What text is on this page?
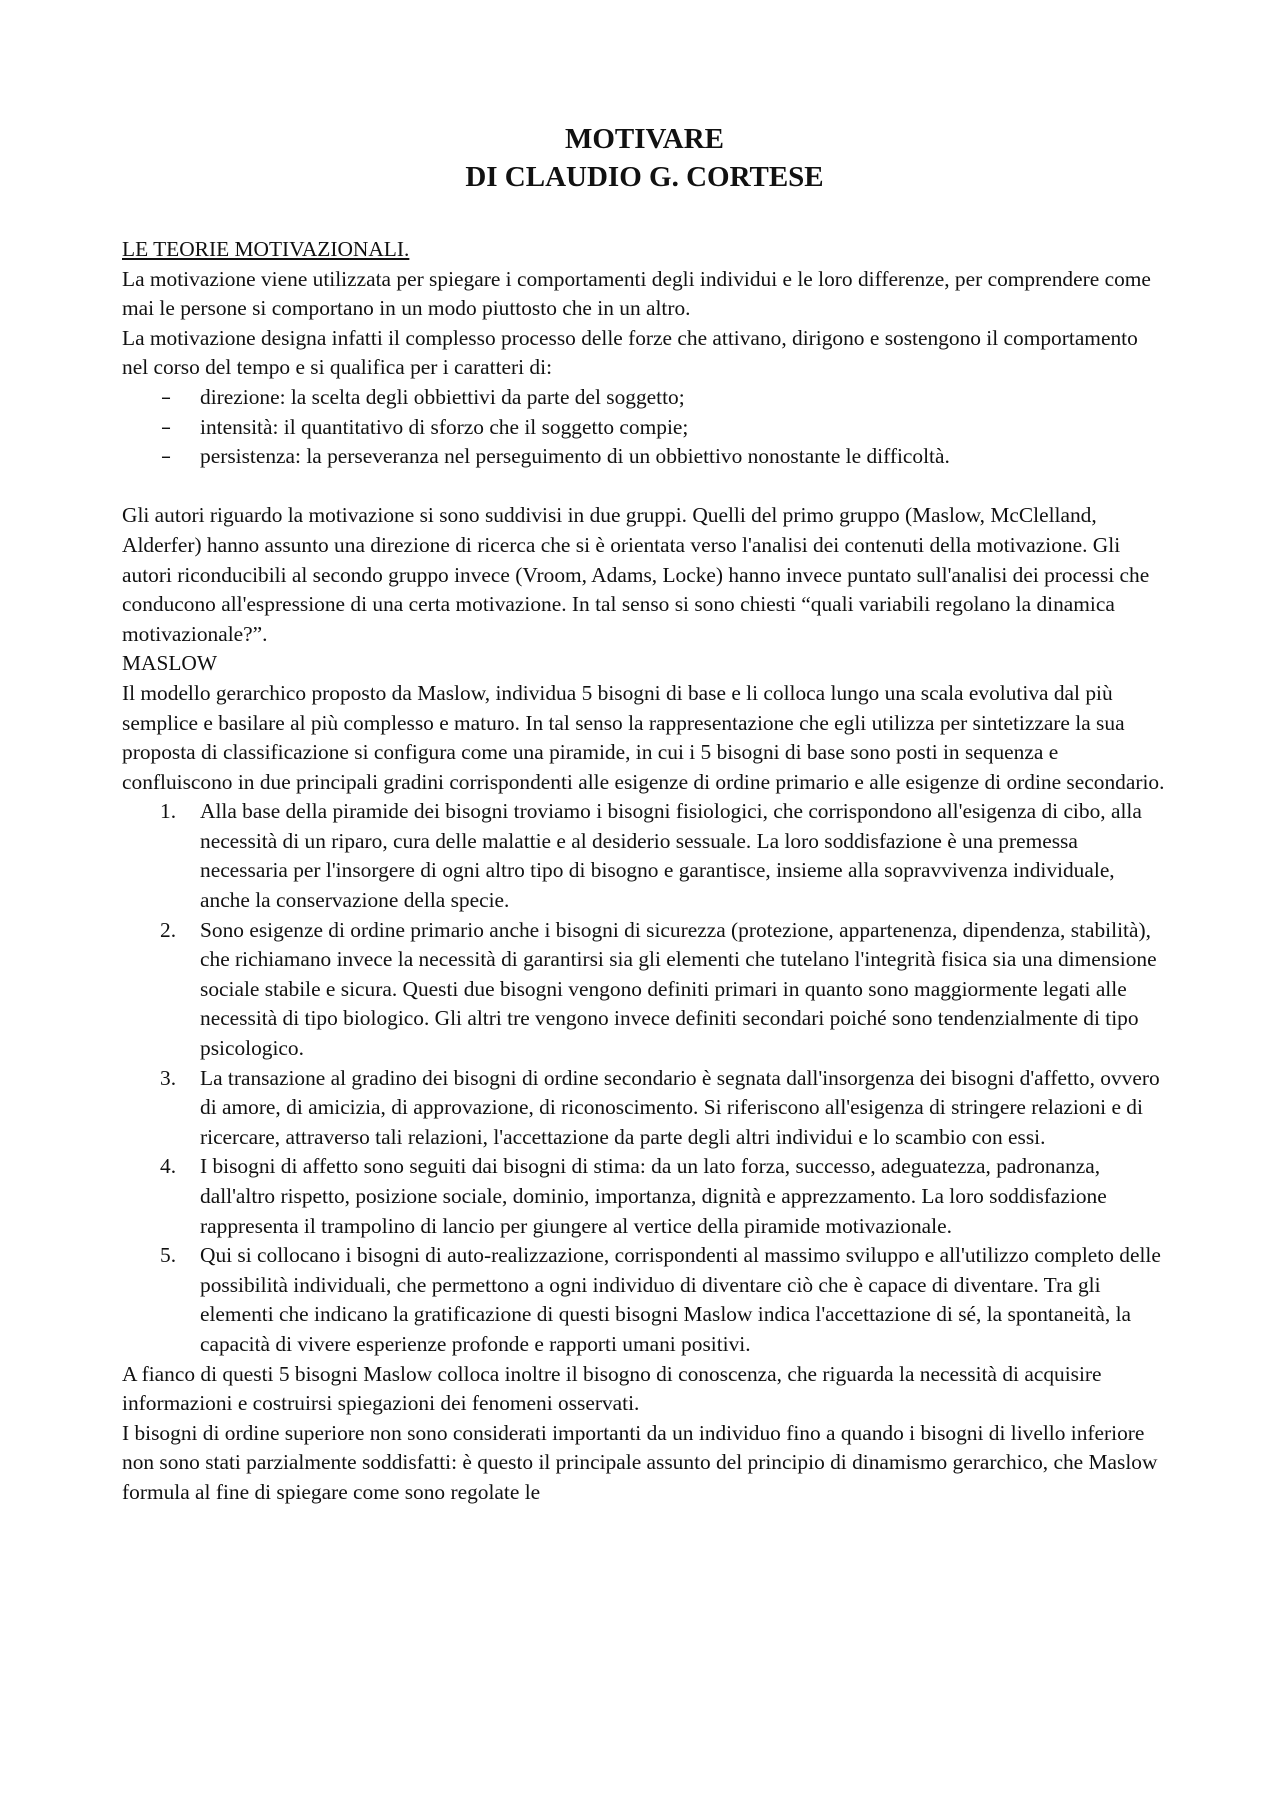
MOTIVARE
DI CLAUDIO G. CORTESE

LE TEORIE MOTIVAZIONALI.

La motivazione viene utilizzata per spiegare i comportamenti degli individui e le loro differenze, per comprendere come mai le persone si comportano in un modo piuttosto che in un altro.

La motivazione designa infatti il complesso processo delle forze che attivano, dirigono e sostengono il comportamento nel corso del tempo e si qualifica per i caratteri di:

– direzione: la scelta degli obbiettivi da parte del soggetto;
– intensità: il quantitativo di sforzo che il soggetto compie;
– persistenza: la perseveranza nel perseguimento di un obbiettivo nonostante le difficoltà.

Gli autori riguardo la motivazione si sono suddivisi in due gruppi. Quelli del primo gruppo (Maslow, McClelland, Alderfer) hanno assunto una direzione di ricerca che si è orientata verso l'analisi dei contenuti della motivazione. Gli autori riconducibili al secondo gruppo invece (Vroom, Adams, Locke) hanno invece puntato sull'analisi dei processi che conducono all'espressione di una certa motivazione. In tal senso si sono chiesti “quali variabili regolano la dinamica motivazionale?”.

MASLOW

Il modello gerarchico proposto da Maslow, individua 5 bisogni di base e li colloca lungo una scala evolutiva dal più semplice e basilare al più complesso e maturo. In tal senso la rappresentazione che egli utilizza per sintetizzare la sua proposta di classificazione si configura come una piramide, in cui i 5 bisogni di base sono posti in sequenza e confluiscono in due principali gradini corrispondenti alle esigenze di ordine primario e alle esigenze di ordine secondario.

1. Alla base della piramide dei bisogni troviamo i bisogni fisiologici, che corrispondono all'esigenza di cibo, alla necessità di un riparo, cura delle malattie e al desiderio sessuale. La loro soddisfazione è una premessa necessaria per l'insorgere di ogni altro tipo di bisogno e garantisce, insieme alla sopravvivenza individuale, anche la conservazione della specie.
2. Sono esigenze di ordine primario anche i bisogni di sicurezza (protezione, appartenenza, dipendenza, stabilità), che richiamano invece la necessità di garantirsi sia gli elementi che tutelano l'integrità fisica sia una dimensione sociale stabile e sicura. Questi due bisogni vengono definiti primari in quanto sono maggiormente legati alle necessità di tipo biologico. Gli altri tre vengono invece definiti secondari poiché sono tendenzialmente di tipo psicologico.
3. La transazione al gradino dei bisogni di ordine secondario è segnata dall'insorgenza dei bisogni d'affetto, ovvero di amore, di amicizia, di approvazione, di riconoscimento. Si riferiscono all'esigenza di stringere relazioni e di ricercare, attraverso tali relazioni, l'accettazione da parte degli altri individui e lo scambio con essi.
4. I bisogni di affetto sono seguiti dai bisogni di stima: da un lato forza, successo, adeguatezza, padronanza, dall'altro rispetto, posizione sociale, dominio, importanza, dignità e apprezzamento. La loro soddisfazione rappresenta il trampolino di lancio per giungere al vertice della piramide motivazionale.
5. Qui si collocano i bisogni di auto-realizzazione, corrispondenti al massimo sviluppo e all'utilizzo completo delle possibilità individuali, che permettono a ogni individuo di diventare ciò che è capace di diventare. Tra gli elementi che indicano la gratificazione di questi bisogni Maslow indica l'accettazione di sé, la spontaneità, la capacità di vivere esperienze profonde e rapporti umani positivi.

A fianco di questi 5 bisogni Maslow colloca inoltre il bisogno di conoscenza, che riguarda la necessità di acquisire informazioni e costruirsi spiegazioni dei fenomeni osservati.

I bisogni di ordine superiore non sono considerati importanti da un individuo fino a quando i bisogni di livello inferiore non sono stati parzialmente soddisfatti: è questo il principale assunto del principio di dinamismo gerarchico, che Maslow formula al fine di spiegare come sono regolate le
